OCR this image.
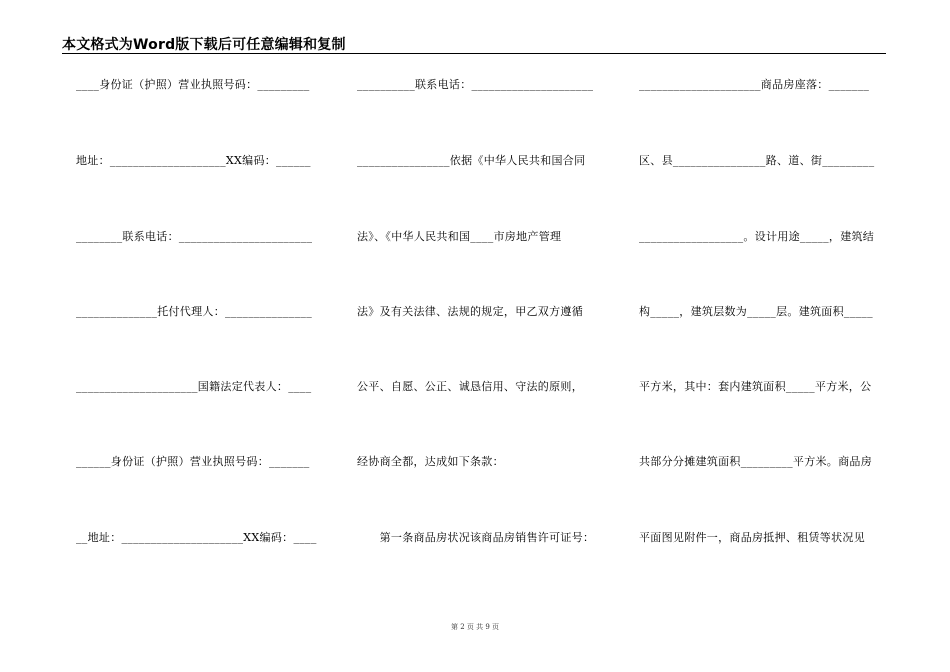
本文格式为Word版下载后可任意编辑和复制
____身份证（护照）营业执照号码：_________
地址：____________________XX编码：______
________联系电话：_______________________
______________托付代理人：_______________
_____________________国籍法定代表人：____
______身份证（护照）营业执照号码：_______
__地址：_____________________XX编码：____
__________联系电话：_____________________
________________依据《中华人民共和国合同
法》、《中华人民共和国____市房地产管理
法》及有关法律、法规的规定，甲乙双方遵循
公平、自愿、公正、诚恳信用、守法的原则，
经协商全都，达成如下条款：
　　第一条商品房状况该商品房销售许可证号：
_____________________商品房座落：_______
区、县________________路、道、街_________
__________________。设计用途_____，建筑结
构_____，建筑层数为_____层。建筑面积_____
平方米，其中：套内建筑面积_____平方米，公
共部分分摊建筑面积_________平方米。商品房
平面图见附件一，商品房抵押、租赁等状况见
第 2 页 共 9 页
